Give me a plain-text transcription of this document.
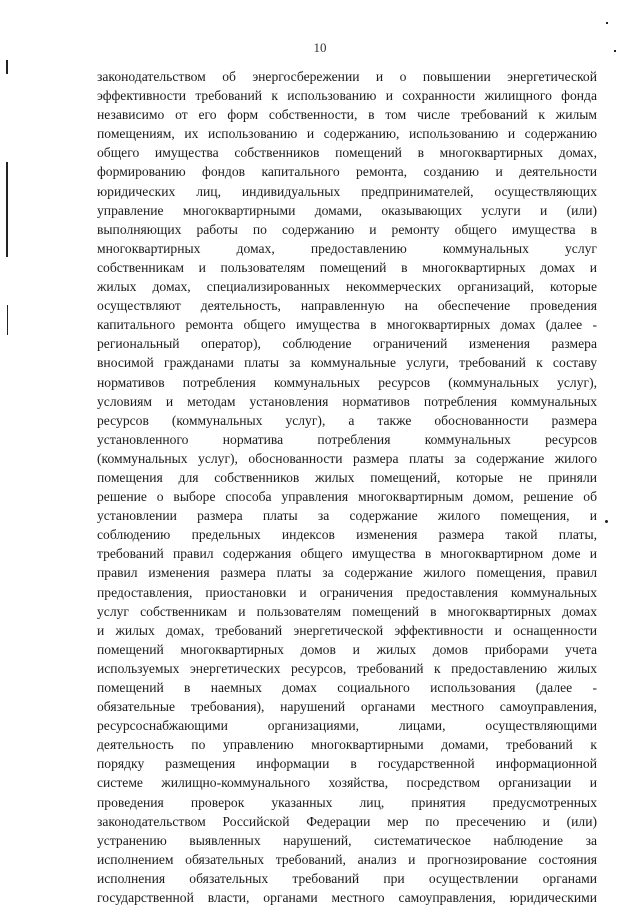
10
законодательством об энергосбережении и о повышении энергетической
эффективности требований к использованию и сохранности жилищного фонда
независимо от его форм собственности, в том числе требований к жилым
помещениям, их использованию и содержанию, использованию и содержанию
общего имущества собственников помещений в многоквартирных домах,
формированию фондов капитального ремонта, созданию и деятельности
юридических лиц, индивидуальных предпринимателей, осуществляющих
управление многоквартирными домами, оказывающих услуги и (или)
выполняющих работы по содержанию и ремонту общего имущества в
многоквартирных домах, предоставлению коммунальных услуг
собственникам и пользователям помещений в многоквартирных домах и
жилых домах, специализированных некоммерческих организаций, которые
осуществляют деятельность, направленную на обеспечение проведения
капитального ремонта общего имущества в многоквартирных домах (далее -
региональный оператор), соблюдение ограничений изменения размера
вносимой гражданами платы за коммунальные услуги, требований к составу
нормативов потребления коммунальных ресурсов (коммунальных услуг),
условиям и методам установления нормативов потребления коммунальных
ресурсов (коммунальных услуг), а также обоснованности размера
установленного норматива потребления коммунальных ресурсов
(коммунальных услуг), обоснованности размера платы за содержание жилого
помещения для собственников жилых помещений, которые не приняли
решение о выборе способа управления многоквартирным домом, решение об
установлении размера платы за содержание жилого помещения, и
соблюдению предельных индексов изменения размера такой платы,
требований правил содержания общего имущества в многоквартирном доме и
правил изменения размера платы за содержание жилого помещения, правил
предоставления, приостановки и ограничения предоставления коммунальных
услуг собственникам и пользователям помещений в многоквартирных домах
и жилых домах, требований энергетической эффективности и оснащенности
помещений многоквартирных домов и жилых домов приборами учета
используемых энергетических ресурсов, требований к предоставлению жилых
помещений в наемных домах социального использования (далее -
обязательные требования), нарушений органами местного самоуправления,
ресурсоснабжающими организациями, лицами, осуществляющими
деятельность по управлению многоквартирными домами, требований к
порядку размещения информации в государственной информационной
системе жилищно-коммунального хозяйства, посредством организации и
проведения проверок указанных лиц, принятия предусмотренных
законодательством Российской Федерации мер по пресечению и (или)
устранению выявленных нарушений, систематическое наблюдение за
исполнением обязательных требований, анализ и прогнозирование состояния
исполнения обязательных требований при осуществлении органами
государственной власти, органами местного самоуправления, юридическими
